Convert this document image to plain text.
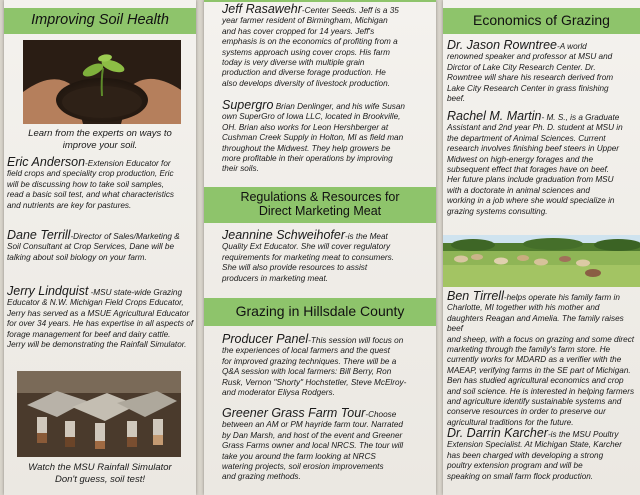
Improving Soil Health
Learn from the experts on ways to
improve your soil.
Eric Anderson-Extension Educator for
field crops and speciality crop production, Eric
will be discussing how to take soil samples,
read a basic soil test, and what characteristics
and nutrients are key for pastures.
Dane Terrill-Director of Sales/Marketing &
Soil Consultant at Crop Services, Dane will be
talking about soil biology on your farm.
Jerry Lindquist -MSU state-wide Grazing
Educator & N.W. Michigan Field Crops Educator,
Jerry has served as a MSUE Agricultural Educator
for over 34 years. He has expertise in all aspects of
forage management for beef and dairy cattle.
Jerry will be demonstrating the Rainfall Simulator.
Watch the MSU Rainfall Simulator
Don't guess, soil test!
Jeff Rasawehr-Center Seeds. Jeff is a 35
year farmer resident of Birmingham, Michigan
and has cover cropped for 14 years. Jeff's
emphasis is on the economics of profiting from a
systems approach using cover crops. His farm
today is very diverse with multiple grain
production and diverse forage production. He
also develops diversity of livestock production.
Supergro Brian Denlinger, and his wife Susan
own SuperGro of Iowa LLC, located in Brookville,
OH. Brian also works for Leon Hershberger at
Cushman Creek Supply in Holton, MI as field man
throughout the Midwest. They help growers be
more profitable in their operations by improving
their soils.
Regulations & Resources for
Direct Marketing Meat
Jeannine Schweihofer-is the Meat
Quality Ext Educator. She will cover regulatory
requirements for marketing meat to consumers.
She will also provide resources to assist
producers in marketing meat.
Grazing in Hillsdale County
Producer Panel-This session will focus on
the experiences of local farmers and the quest
for improved grazing techniques. There will be a
Q&A session with local farmers: Bill Berry, Ron
Rusk, Vernon "Shorty" Hochstetler, Steve McElroy-
and moderator Eliysa Rodgers.
Greener Grass Farm Tour-Choose
between an AM or PM hayride farm tour. Narrated
by Dan Marsh, and host of the event and Greener
Grass Farms owner and local NRCS. The tour will
take you around the farm looking at NRCS
watering projects, soil erosion improvements
and grazing methods.
Economics of Grazing
Dr. Jason Rowntree-A world
renowned speaker and professor at MSU and
Dirctor of Lake City Research Center. Dr.
Rowntree will share his research derived from
Lake City Research Center in grass finishing
beef.
Rachel M. Martin- M. S., is a Graduate
Assistant and 2nd year Ph. D. student at MSU in
the department of Animal Sciences. Current
research involves finishing beef steers in Upper
Midwest on high-energy forages and the
subsequent effect that forages have on beef.
Her future plans include graduation from MSU
with a doctorate in animal sciences and
working in a job where she would specialize in
grazing systems consulting.
Ben Tirrell-helps operate his family farm in
Charlotte, MI together with his mother and
daughters Reagan and Amelia. The family raises beef
and sheep, with a focus on grazing and some direct
marketing through the family's farm store. He
currently works for MDARD as a verifier with the
MAEAP, verifying farms in the SE part of Michigan.
Ben has studied agricultural economics and crop
and soil science. He is interested in helping farmers
and agriculture identify sustainable systems and
conserve resources in order to preserve our
agricultural traditions for the future.
Dr. Darrin Karcher-is the MSU Poultry
Extension Specialist. At Michigan State, Karcher
has been charged with developing a strong
poultry extension program and will be
speaking on small farm flock production.
